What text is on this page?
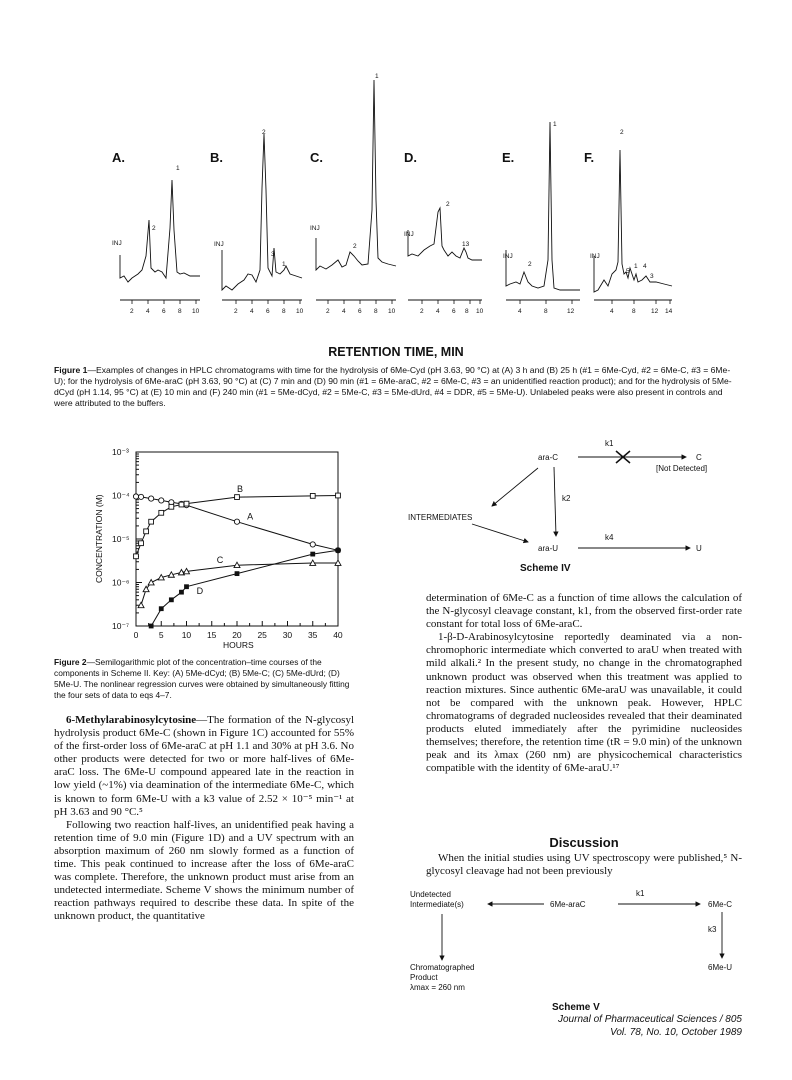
A.	B.	C.	D.	E.	F.
INJ	INJ
INJ
INJ
INJ	INJ
1
2
2
3
1
1
2
2
13
1
2
2
1 4
5
3
2 4 6 8 10	2 4 6 8 10	2 4 6 8 10	2 4 6 8 10	4	8	12	4	8 12 14
RETENTION TIME, MIN
Figure 1—Examples of changes in HPLC chromatograms with time for the hydrolysis of 6Me-Cyd (pH 3.63, 90 °C) at (A) 3 h and (B) 25 h (#1 = 6Me-Cyd, #2 = 6Me-C, #3 = 6Me-U); for the hydrolysis of 6Me-araC (pH 3.63, 90 °C) at (C) 7 min and (D) 90 min (#1 = 6Me-araC, #2 = 6Me-C, #3 = an unidentified reaction product); and for the hydrolysis of 5Me-dCyd (pH 1.14, 95 °C) at (E) 10 min and (F) 240 min (#1 = 5Me-dCyd, #2 = 5Me-C, #3 = 5Me-dUrd, #4 = DDR, #5 = 5Me-U). Unlabeled peaks were also present in controls and were attributed to the buffers.
10⁻³
10⁻⁴
10⁻⁵
10⁻⁶
10⁻⁷
0 5 10 15 20 25 30 35 40
HOURS
CONCENTRATION (M)	A
B
C
D
Figure 2—Semilogarithmic plot of the concentration–time courses of the components in Scheme II. Key: (A) 5Me-dCyd; (B) 5Me-C; (C) 5Me-dUrd; (D) 5Me-U. The nonlinear regression curves were obtained by simultaneously fitting the four sets of data to eqs 4–7.

6-Methylarabinosylcytosine—The formation of the N-glycosyl hydrolysis product 6Me-C (shown in Figure 1C) accounted for 55% of the first-order loss of 6Me-araC at pH 1.1 and 30% at pH 3.6. No other products were detected for two or more half-lives of 6Me-araC loss. The 6Me-U compound appeared late in the reaction in low yield (~1%) via deamination of the intermediate 6Me-C, which is known to form 6Me-U with a k3 value of 2.52 × 10⁻⁵ min⁻¹ at pH 3.63 and 90 °C.⁵

Following two reaction half-lives, an unidentified peak having a retention time of 9.0 min (Figure 1D) and a UV spectrum with an absorption maximum of 260 nm slowly formed as a function of time. This peak continued to increase after the loss of 6Me-araC was complete. Therefore, the unknown product must arise from an undetected intermediate. Scheme V shows the minimum number of reaction pathways required to describe these data. In spite of the unknown product, the quantitative

ara-C
k1
C
[Not Detected]
k2
INTERMEDIATES
ara-U
k4
U
Scheme IV

determination of 6Me-C as a function of time allows the calculation of the N-glycosyl cleavage constant, k1, from the observed first-order rate constant for total loss of 6Me-araC.

1-β-D-Arabinosylcytosine reportedly deaminated via a non-chromophoric intermediate which converted to araU when treated with mild alkali.² In the present study, no change in the chromatographed unknown product was observed when this treatment was applied to reaction mixtures. Since authentic 6Me-araU was unavailable, it could not be compared with the unknown peak. However, HPLC chromatograms of degraded nucleosides revealed that their deaminated products eluted immediately after the pyrimidine nucleosides themselves; therefore, the retention time (tR = 9.0 min) of the unknown peak and its λmax (260 nm) are physicochemical characteristics compatible with the identity of 6Me-araU.¹⁷

Discussion

When the initial studies using UV spectroscopy were published,⁵ N-glycosyl cleavage had not been previously

Undetected
Intermediate(s)	6Me-araC
k1
6Me-C
k3
Chromatographed
Product
λmax = 260 nm
6Me-U
Scheme V
Journal of Pharmaceutical Sciences / 805
Vol. 78, No. 10, October 1989
